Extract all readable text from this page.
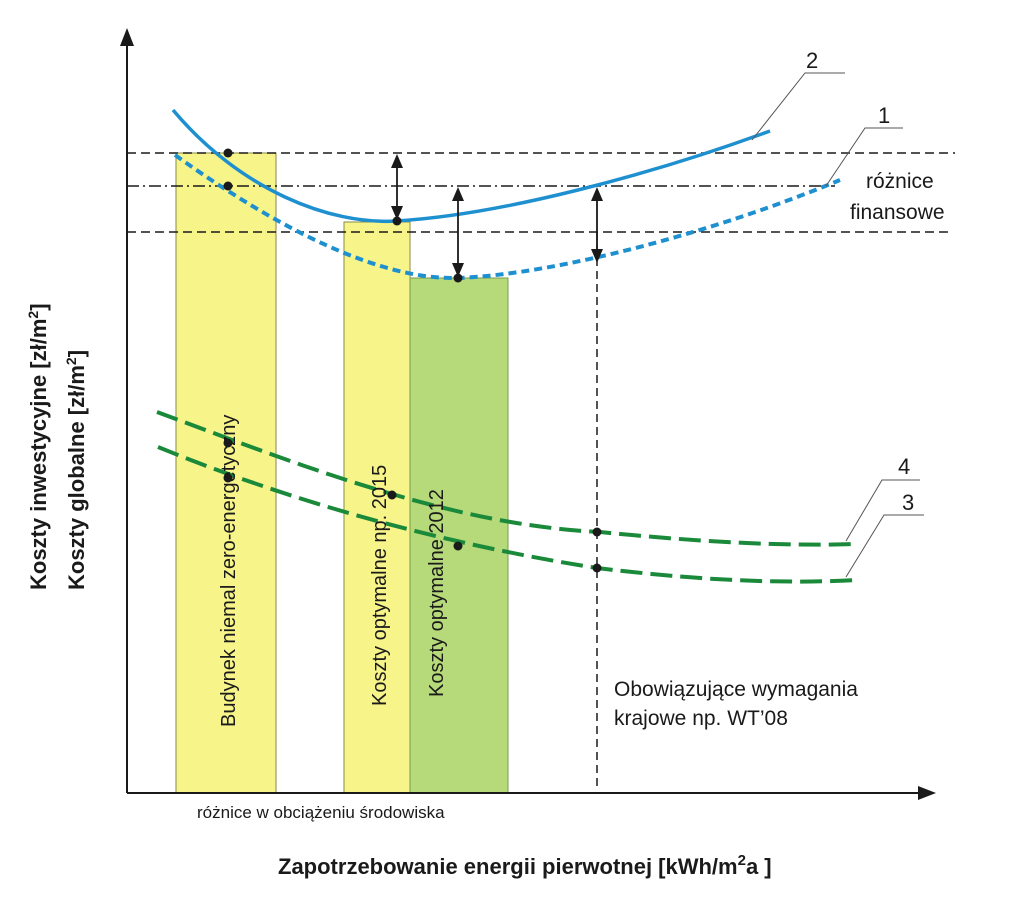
2
1
4
3
różnice
finansowe
Obowiązujące wymagania
krajowe np. WT’08
Budynek niemal zero-energetyczny	Koszty optymalne np. 2015 Koszty optymalne 2012
Koszty inwestycyjne $[zł/m^2]$
Koszty globalne $[zł/m^2]$
różnice w obciążeniu środowiska
Zapotrzebowanie energii pierwotnej [$kWh/m^2a$ ]
